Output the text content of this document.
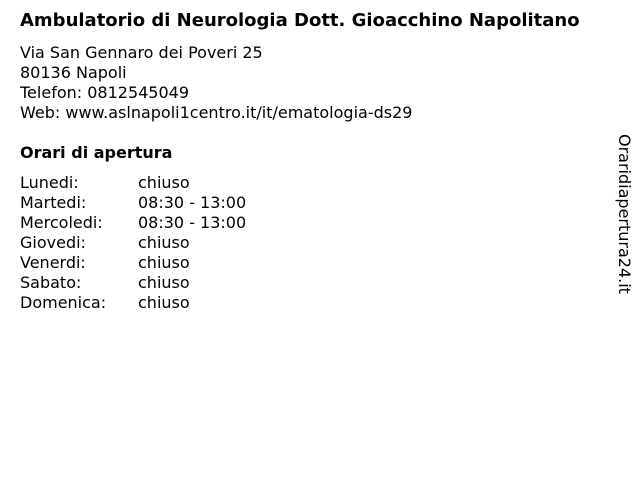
Ambulatorio di Neurologia Dott. Gioacchino Napolitano
Via San Gennaro dei Poveri 25
80136 Napoli
Telefon: 0812545049
Web: www.aslnapoli1centro.it/it/ematologia-ds29
Orari di apertura
Lunedi:	chiuso
Martedi:	08:30 - 13:00
Mercoledi:	08:30 - 13:00
Giovedi:	chiuso
Venerdi:	chiuso
Sabato:	chiuso
Domenica:	chiuso
Oraridiapertura24.it
